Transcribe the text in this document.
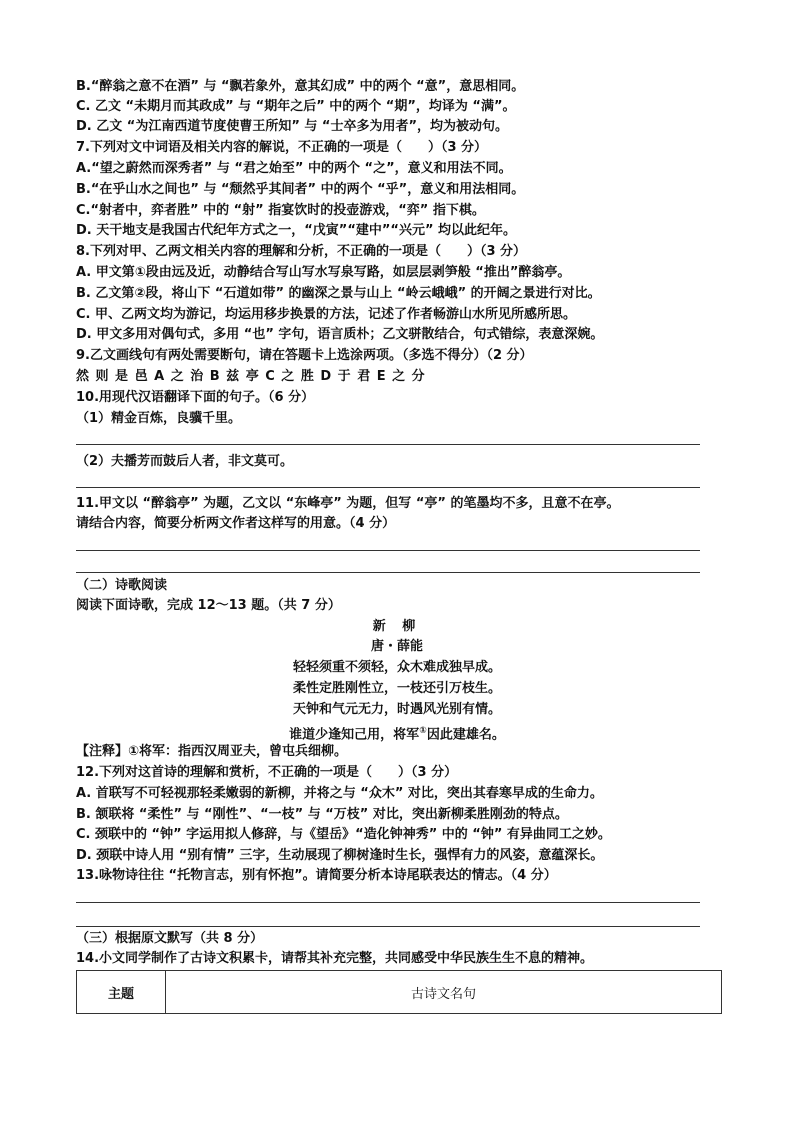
B.“醉翁之意不在酒” 与 “飘若象外，意其幻成” 中的两个 “意”，意思相同。
C. 乙文 “未期月而其政成” 与 “期年之后” 中的两个 “期”，均译为 “满”。
D. 乙文 “为江南西道节度使曹王所知” 与 “士卒多为用者”，均为被动句。
7.下列对文中词语及相关内容的解说，不正确的一项是（　　）（3 分）
A.“望之蔚然而深秀者” 与 “君之始至” 中的两个 “之”，意义和用法不同。
B.“在乎山水之间也” 与 “颓然乎其间者” 中的两个 “乎”，意义和用法相同。
C.“射者中，弈者胜” 中的 “射” 指宴饮时的投壶游戏，“弈” 指下棋。
D. 天干地支是我国古代纪年方式之一，“戊寅”“建中”“兴元” 均以此纪年。
8.下列对甲、乙两文相关内容的理解和分析，不正确的一项是（　　）（3 分）
A. 甲文第①段由远及近，动静结合写山写水写泉写路，如层层剥笋般 “推出”醉翁亭。
B. 乙文第②段，将山下 “石道如带” 的幽深之景与山上 “岭云峨峨” 的开阔之景进行对比。
C. 甲、乙两文均为游记，均运用移步换景的方法，记述了作者畅游山水所见所感所思。
D. 甲文多用对偶句式，多用 “也” 字句，语言质朴；乙文骈散结合，句式错综，表意深婉。
9.乙文画线句有两处需要断句，请在答题卡上选涂两项。（多选不得分）（2 分）
然 则 是 邑 A 之 治 B 兹 亭 C 之 胜 D 于 君 E 之 分
10.用现代汉语翻译下面的句子。（6 分）
（1）精金百炼，良骥千里。
（2）夫播芳而鼓后人者，非文莫可。
11.甲文以 “醉翁亭” 为题，乙文以 “东峰亭” 为题，但写 “亭” 的笔墨均不多，且意不在亭。
请结合内容，简要分析两文作者这样写的用意。（4 分）
（二）诗歌阅读
阅读下面诗歌，完成 12～13 题。（共 7 分）
新 柳
唐・薛能
轻轻须重不须轻，众木难成独早成。
柔性定胜刚性立，一枝还引万枝生。
天钟和气元无力，时遇风光别有情。
谁道少逢知己用，将军①因此建雄名。
【注释】①将军：指西汉周亚夫，曾屯兵细柳。
12.下列对这首诗的理解和赏析，不正确的一项是（　　）（3 分）
A. 首联写不可轻视那轻柔嫩弱的新柳，并将之与 “众木” 对比，突出其春寒早成的生命力。
B. 颔联将 “柔性” 与 “刚性”、“一枝” 与 “万枝” 对比，突出新柳柔胜刚劲的特点。
C. 颈联中的 “钟” 字运用拟人修辞，与《望岳》“造化钟神秀” 中的 “钟” 有异曲同工之妙。
D. 颈联中诗人用 “别有情” 三字，生动展现了柳树逢时生长，强悍有力的风姿，意蕴深长。
13.咏物诗往往 “托物言志，别有怀抱”。请简要分析本诗尾联表达的情志。（4 分）
（三）根据原文默写（共 8 分）
14.小文同学制作了古诗文积累卡，请帮其补充完整，共同感受中华民族生生不息的精神。
主题	古诗文名句
